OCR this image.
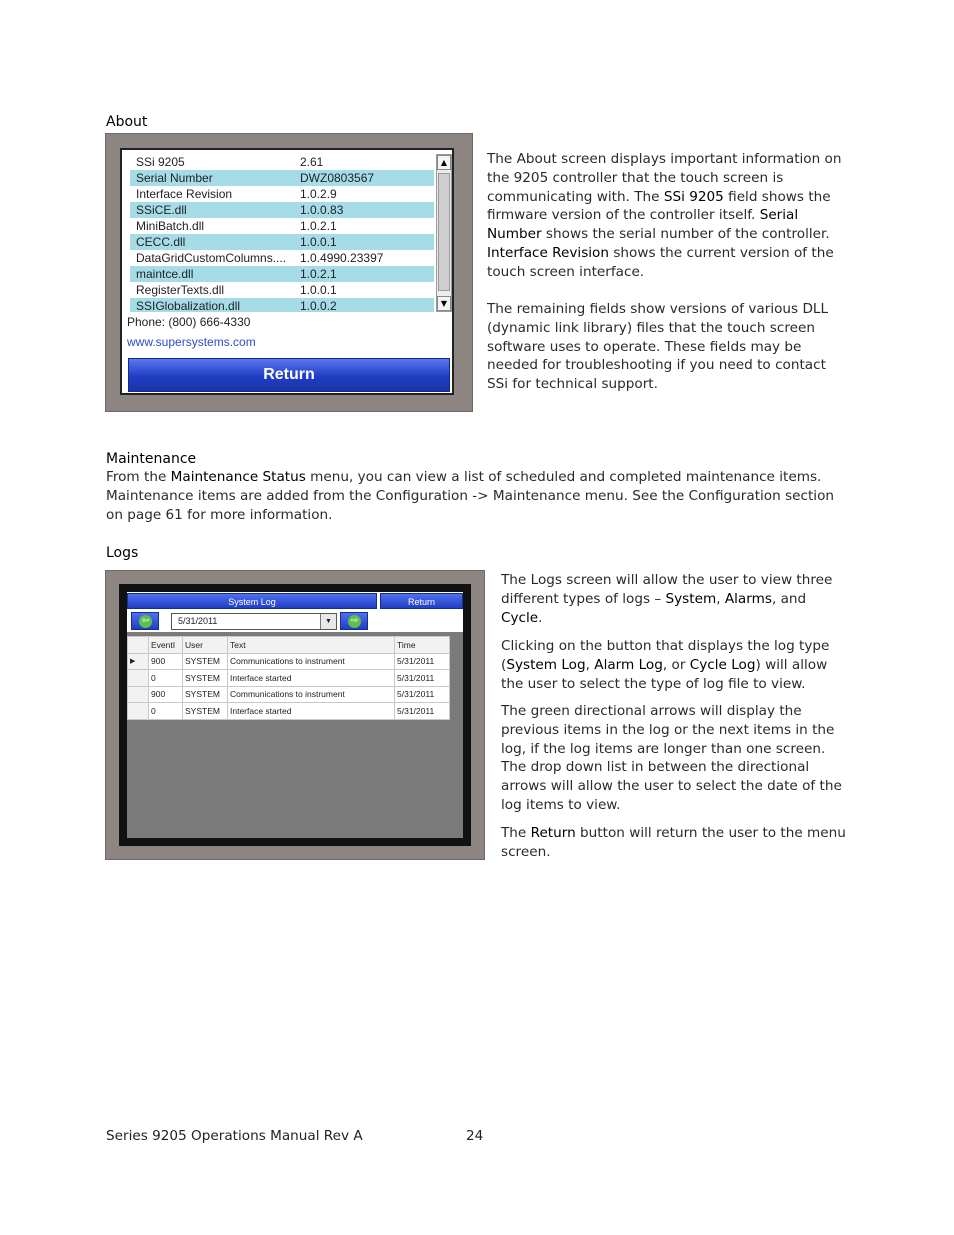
About
SSi 9205	2.61
Serial Number	DWZ0803567
Interface Revision	1.0.2.9
SSiCE.dll	1.0.0.83
MiniBatch.dll	1.0.2.1
CECC.dll	1.0.0.1
DataGridCustomColumns....	1.0.4990.23397
maintce.dll	1.0.2.1
RegisterTexts.dll	1.0.0.1
SSIGlobalization.dll	1.0.0.2
▲
▼
Phone: (800) 666-4330
www.supersystems.com
Return
The About screen displays important information on the 9205 controller that the touch screen is communicating with. The SSi 9205 field shows the firmware version of the controller itself. Serial Number shows the serial number of the controller. Interface Revision shows the current version of the touch screen interface.
The remaining fields show versions of various DLL (dynamic link library) files that the touch screen software uses to operate. These fields may be needed for troubleshooting if you need to contact SSi for technical support.
Maintenance
From the Maintenance Status menu, you can view a list of scheduled and completed maintenance items. Maintenance items are added from the Configuration -> Maintenance menu. See the Configuration section on page 61 for more information.
Logs
System Log	Return
⇦	5/31/2011	▼	⇨
	EventI	User	Text	Time
▶	900	SYSTEM	Communications to instrument	5/31/2011
	0	SYSTEM	Interface started	5/31/2011
	900	SYSTEM	Communications to instrument	5/31/2011
	0	SYSTEM	Interface started	5/31/2011
The Logs screen will allow the user to view three different types of logs – System, Alarms, and Cycle.
Clicking on the button that displays the log type (System Log, Alarm Log, or Cycle Log) will allow the user to select the type of log file to view.
The green directional arrows will display the previous items in the log or the next items in the log, if the log items are longer than one screen. The drop down list in between the directional arrows will allow the user to select the date of the log items to view.
The Return button will return the user to the menu screen.
Series 9205 Operations Manual Rev A	24
